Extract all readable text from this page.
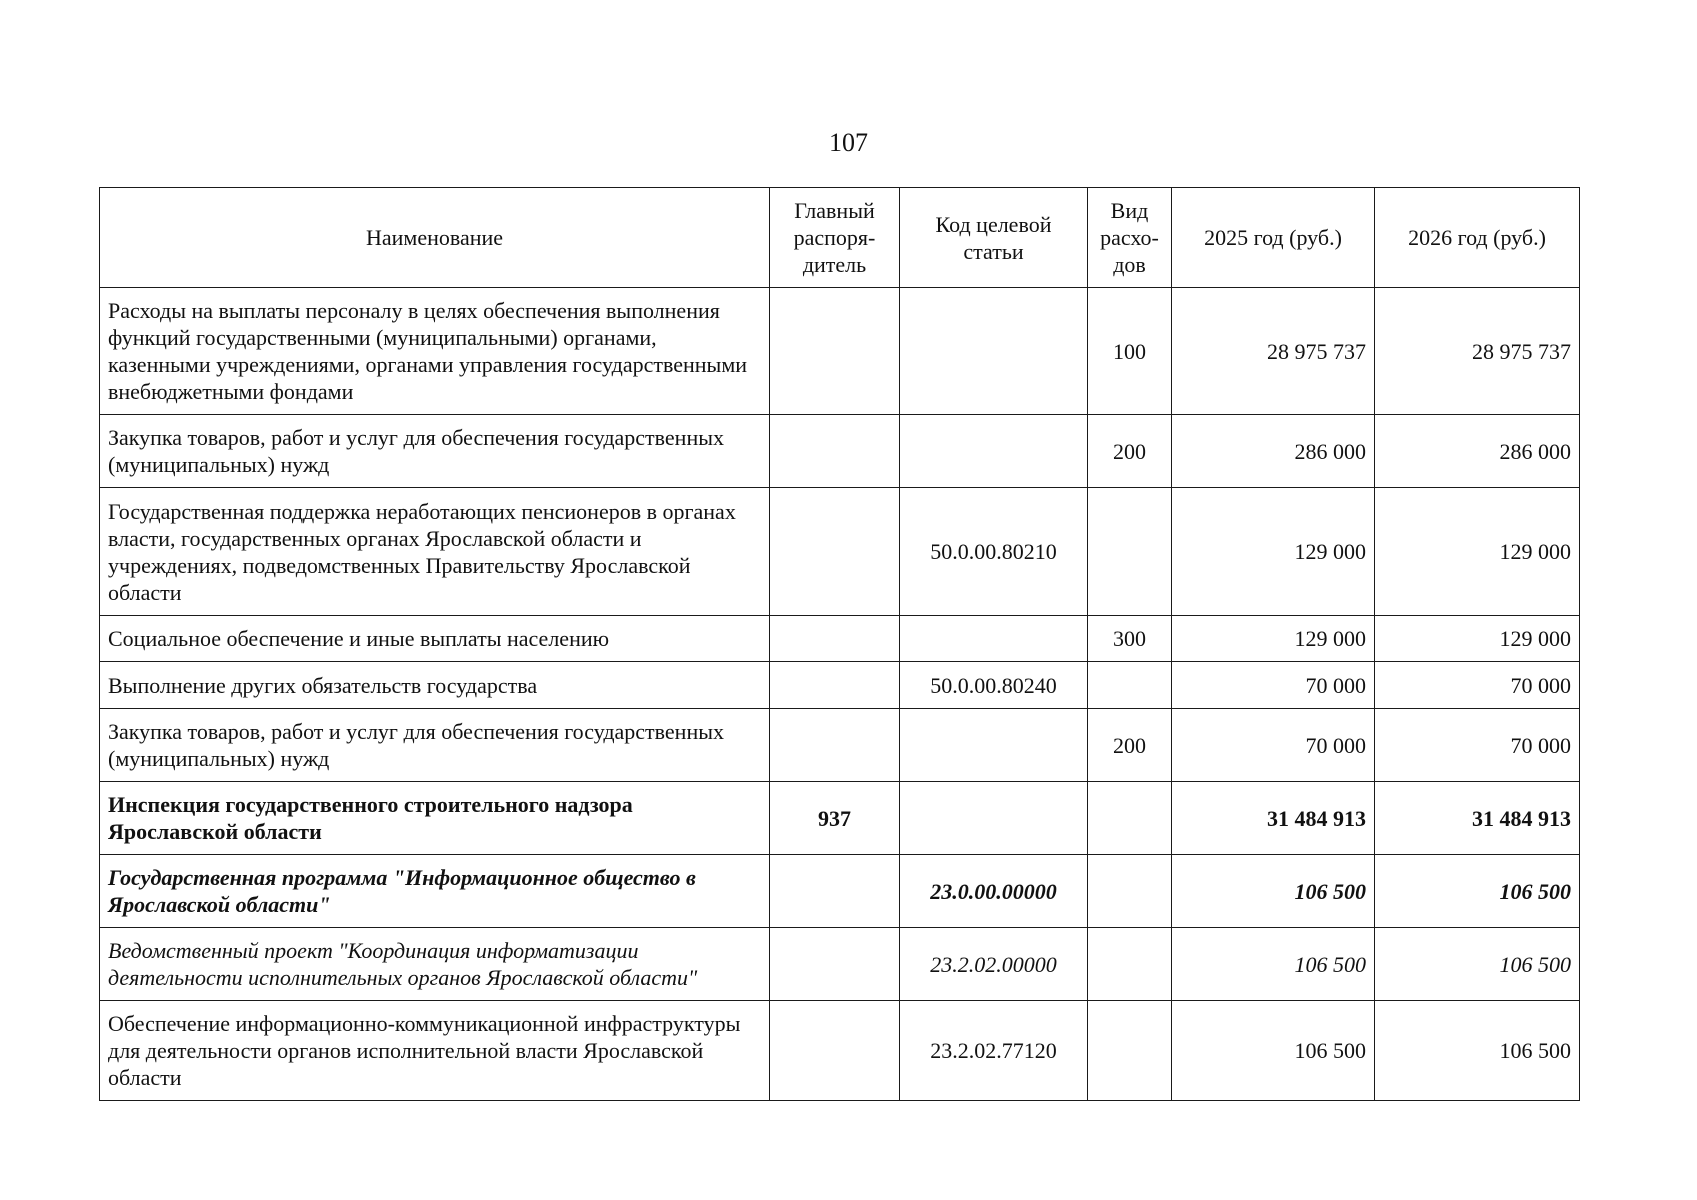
107
Наименование	Главный распоря-дитель	Код целевой статьи	Вид расхо-дов	2025 год (руб.)	2026 год (руб.)
Расходы на выплаты персоналу в целях обеспечения выполнения функций государственными (муниципальными) органами, казенными учреждениями, органами управления государственными внебюджетными фондами			100	28 975 737	28 975 737
Закупка товаров, работ и услуг для обеспечения государственных (муниципальных) нужд			200	286 000	286 000
Государственная поддержка неработающих пенсионеров в органах власти, государственных органах Ярославской области и учреждениях, подведомственных Правительству Ярославской области		50.0.00.80210		129 000	129 000
Социальное обеспечение и иные выплаты населению			300	129 000	129 000
Выполнение других обязательств государства		50.0.00.80240		70 000	70 000
Закупка товаров, работ и услуг для обеспечения государственных (муниципальных) нужд			200	70 000	70 000
Инспекция государственного строительного надзора Ярославской области	937			31 484 913	31 484 913
Государственная программа "Информационное общество в Ярославской области"		23.0.00.00000		106 500	106 500
Ведомственный проект "Координация информатизации деятельности исполнительных органов Ярославской области"		23.2.02.00000		106 500	106 500
Обеспечение информационно-коммуникационной инфраструктуры для деятельности органов исполнительной власти Ярославской области		23.2.02.77120		106 500	106 500
